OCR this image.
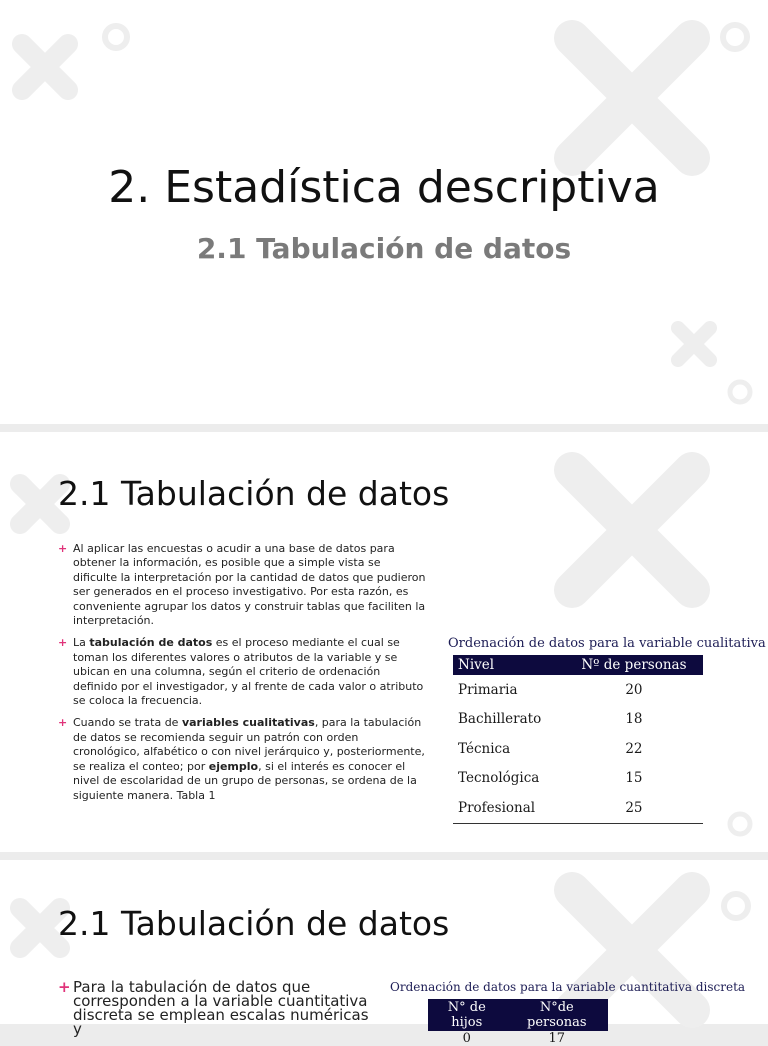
2. Estadística descriptiva
2.1 Tabulación de datos
2.1 Tabulación de datos
+ Al aplicar las encuestas o acudir a una base de datos para obtener la información, es posible que a simple vista se dificulte la interpretación por la cantidad de datos que pudieron ser generados en el proceso investigativo. Por esta razón, es conveniente agrupar los datos y construir tablas que faciliten la interpretación.
+ La tabulación de datos es el proceso mediante el cual se toman los diferentes valores o atributos de la variable y se ubican en una columna, según el criterio de ordenación definido por el investigador, y al frente de cada valor o atributo se coloca la frecuencia.
+ Cuando se trata de variables cualitativas, para la tabulación de datos se recomienda seguir un patrón con orden cronológico, alfabético o con nivel jerárquico y, posteriormente, se realiza el conteo; por ejemplo, si el interés es conocer el nivel de escolaridad de un grupo de personas, se ordena de la siguiente manera. Tabla 1
Ordenación de datos para la variable cualitativa
Nivel	Nº de personas
Primaria	20
Bachillerato	18
Técnica	22
Tecnológica	15
Profesional	25
2.1 Tabulación de datos
+ Para la tabulación de datos que corresponden a la variable cuantitativa discreta se emplean escalas numéricas y
Ordenación de datos para la variable cuantitativa discreta
N° de hijos	N°de personas
0	17
